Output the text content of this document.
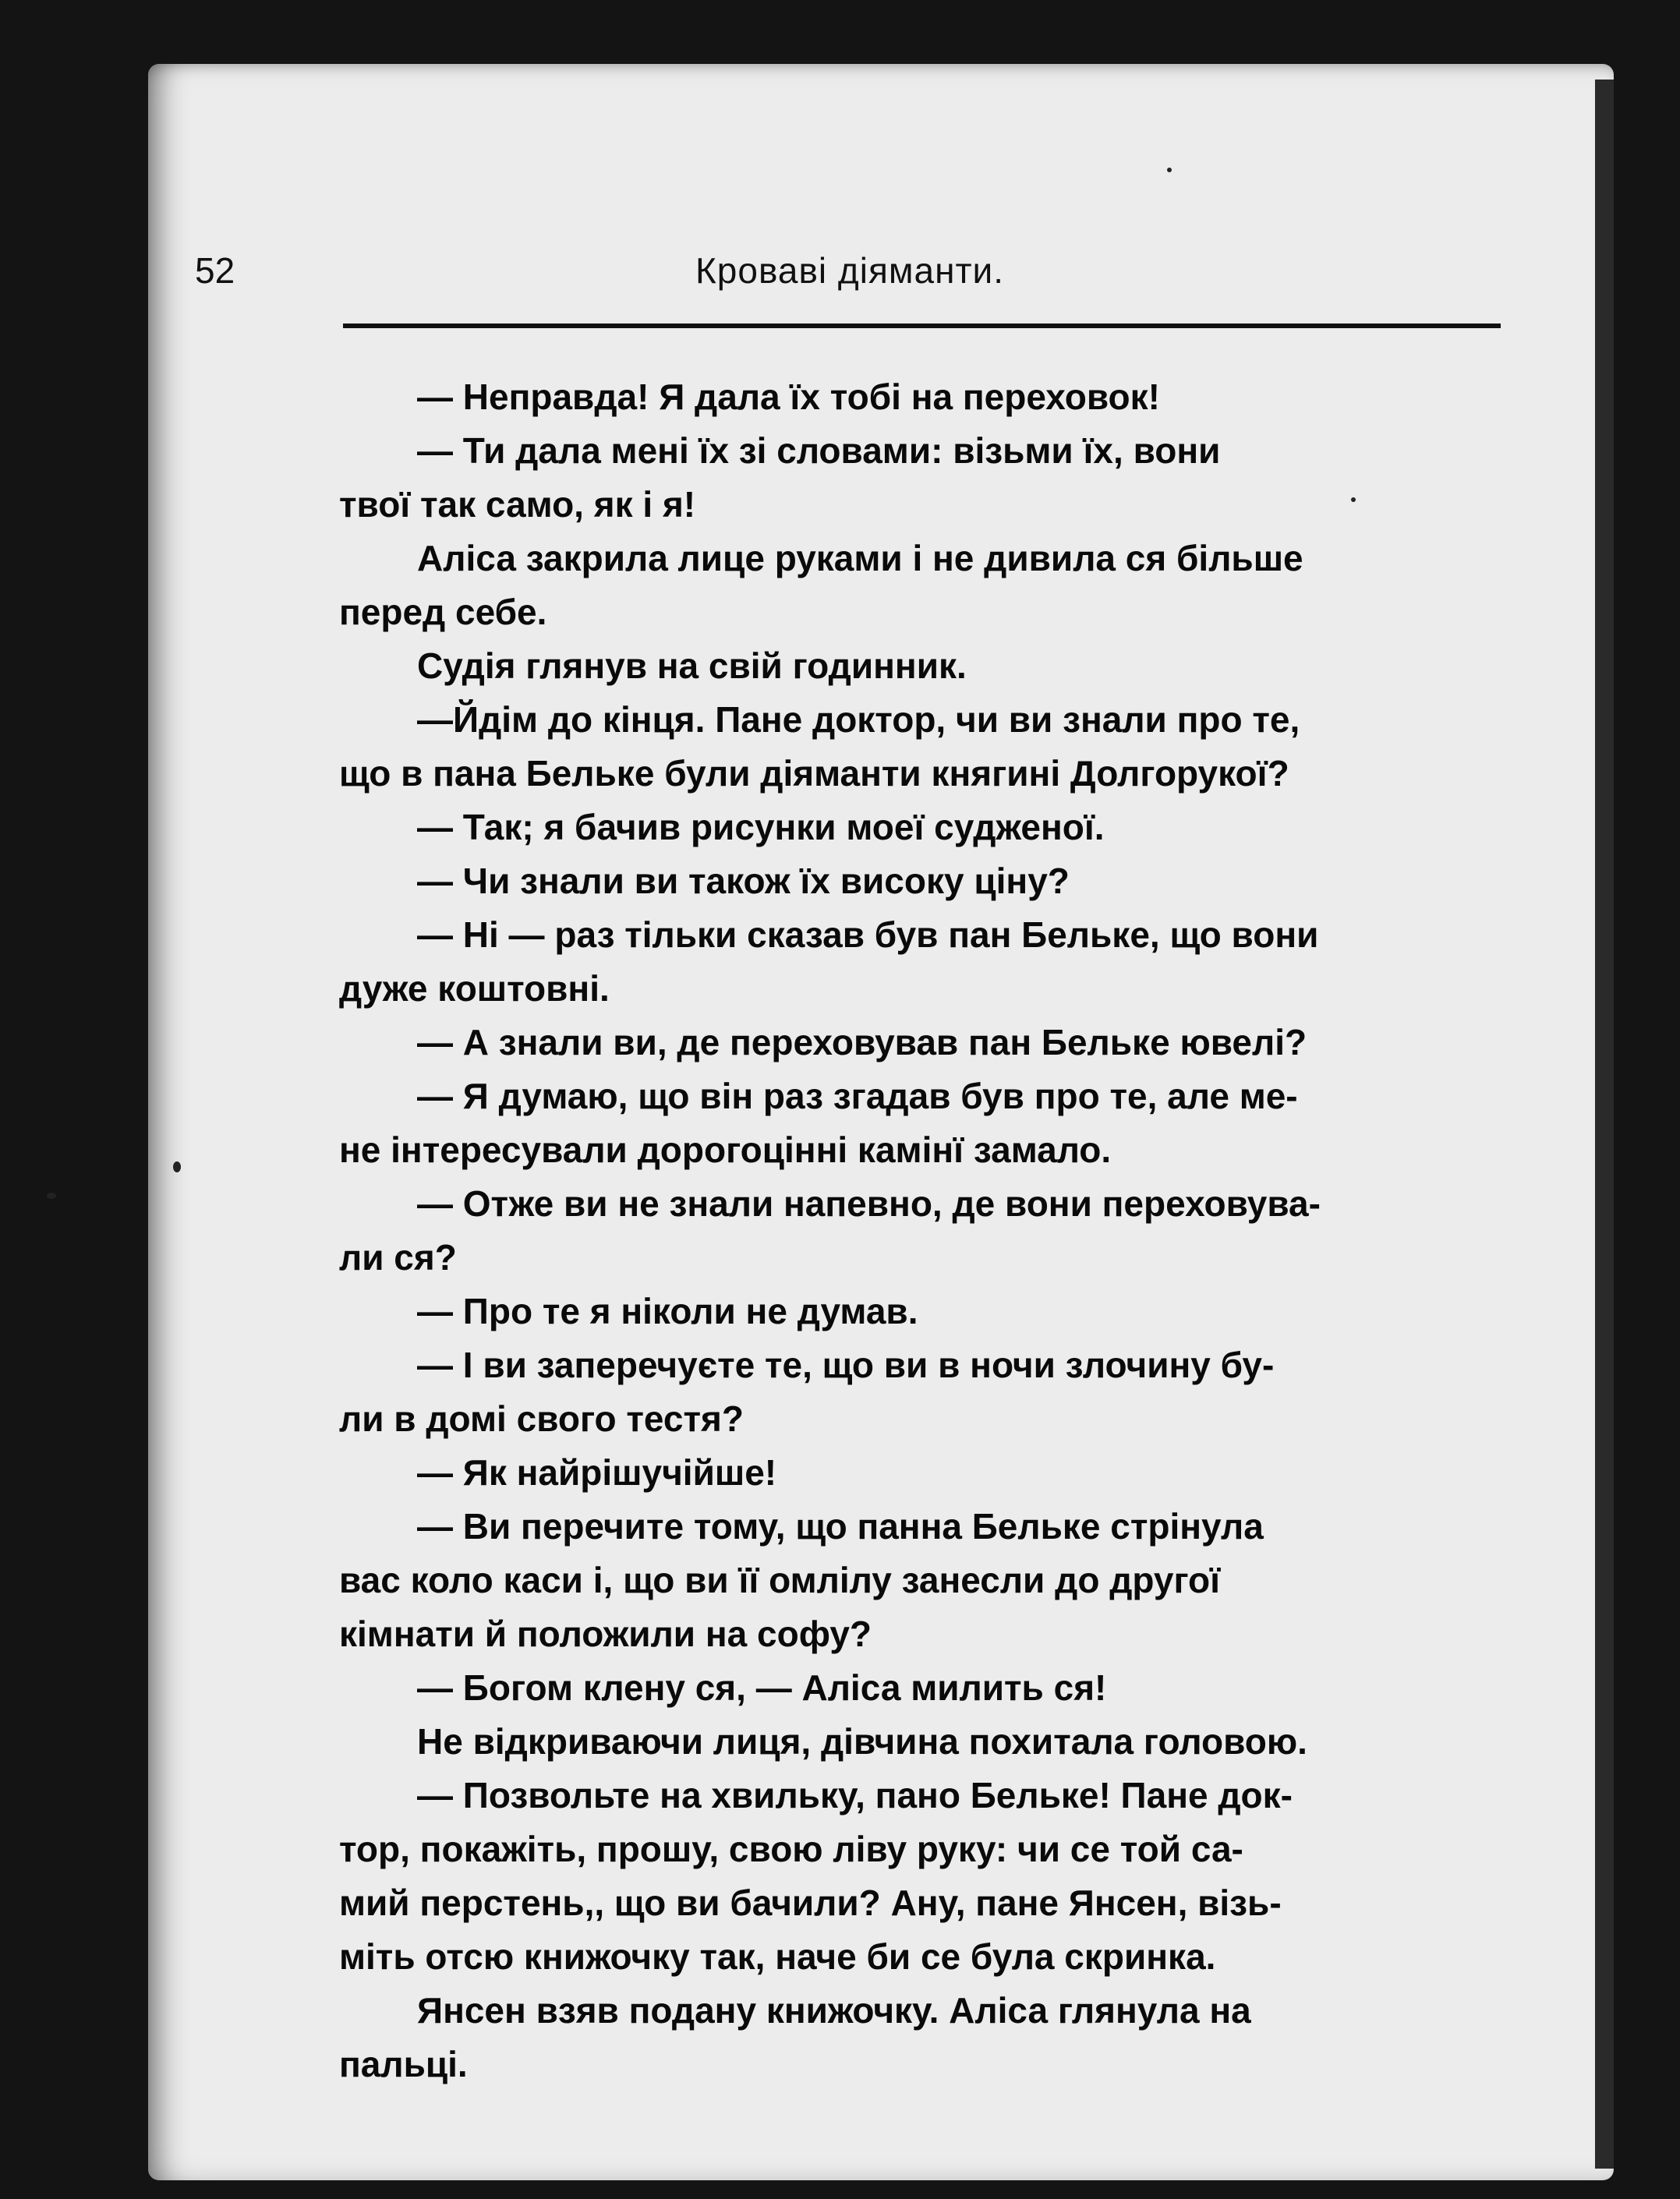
52	Кроваві діяманти.
— Неправда! Я дала їх тобі на переховок!
— Ти дала мені їх зі словами: візьми їх, вони
твої так само, як і я!
Аліса закрила лице руками і не дивила ся більше
перед себе.
Судія глянув на свій годинник.
—Йдім до кінця. Пане доктор, чи ви знали про те,
що в пана Бельке були діяманти княгині Долгорукої?
— Так; я бачив рисунки моеї судженої.
— Чи знали ви також їх високу ціну?
— Ні — раз тільки сказав був пан Бельке, що вони
дуже коштовні.
— А знали ви, де переховував пан Бельке ювелі?
— Я думаю, що він раз згадав був про те, але ме-
не інтересували дорогоцінні камінї замало.
— Отже ви не знали напевно, де вони переховува-
ли ся?
— Про те я ніколи не думав.
— І ви заперечуєте те, що ви в ночи злочину бу-
ли в домі свого тестя?
— Як найрішучійше!
— Ви перечите тому, що панна Бельке стрінула
вас коло каси і, що ви її омлілу занесли до другої
кімнати й положили на софу?
— Богом клену ся, — Аліса милить ся!
Не відкриваючи лиця, дівчина похитала головою.
— Позвольте на хвильку, пано Бельке! Пане док-
тор, покажіть, прошу, свою ліву руку: чи се той са-
мий перстень,, що ви бачили? Ану, пане Янсен, візь-
міть отсю книжочку так, наче би се була скринка.
Янсен взяв подану книжочку. Аліса глянула на
пальці.
